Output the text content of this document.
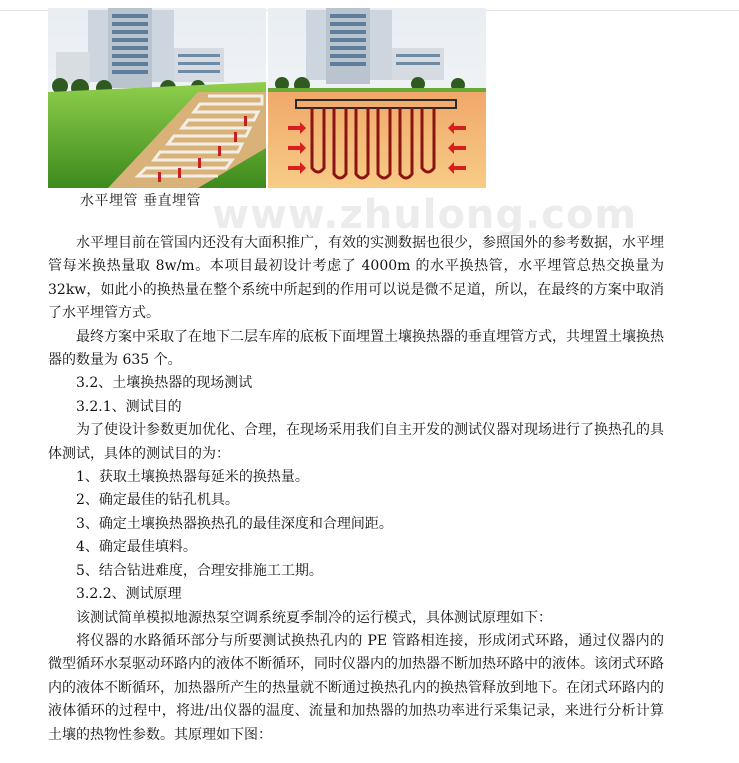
水平埋管 垂直埋管 www.zhulong.com

水平埋目前在管国内还没有大面积推广，有效的实测数据也很少，参照国外的参考数据，水平埋管每米换热量取 8w/m。本项目最初设计考虑了 4000m 的水平换热管，水平埋管总热交换量为 32kw，如此小的换热量在整个系统中所起到的作用可以说是微不足道，所以，在最终的方案中取消了水平埋管方式。

最终方案中采取了在地下二层车库的底板下面埋置土壤换热器的垂直埋管方式，共埋置土壤换热器的数量为 635 个。

3.2、土壤换热器的现场测试

3.2.1、测试目的

为了使设计参数更加优化、合理，在现场采用我们自主开发的测试仪器对现场进行了换热孔的具体测试，具体的测试目的为：

1、获取土壤换热器每延米的换热量。

2、确定最佳的钻孔机具。

3、确定土壤换热器换热孔的最佳深度和合理间距。

4、确定最佳填料。

5、结合钻进难度，合理安排施工工期。

3.2.2、测试原理

该测试简单模拟地源热泵空调系统夏季制冷的运行模式，具体测试原理如下：

将仪器的水路循环部分与所要测试换热孔内的 PE 管路相连接，形成闭式环路，通过仪器内的微型循环水泵驱动环路内的液体不断循环，同时仪器内的加热器不断加热环路中的液体。该闭式环路内的液体不断循环，加热器所产生的热量就不断通过换热孔内的换热管释放到地下。在闭式环路内的液体循环的过程中，将进/出仪器的温度、流量和加热器的加热功率进行采集记录，来进行分析计算土壤的热物性参数。其原理如下图：
